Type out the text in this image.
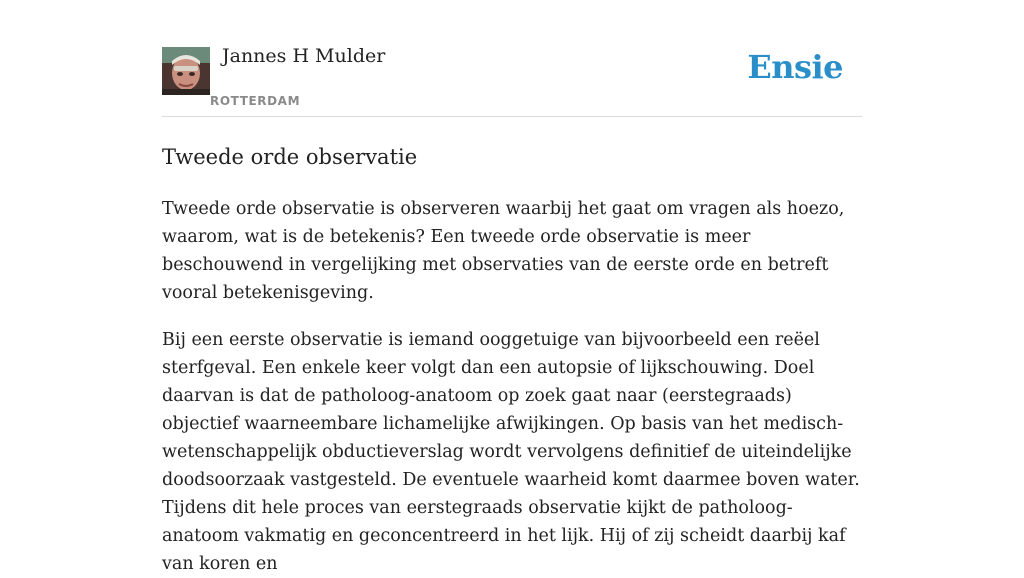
Jannes H Mulder
ROTTERDAM
Ensie
Tweede orde observatie

Tweede orde observatie is observeren waarbij het gaat om vragen als hoezo, waarom, wat is de betekenis? Een tweede orde observatie is meer beschouwend in vergelijking met observaties van de eerste orde en betreft vooral betekenisgeving.

Bij een eerste observatie is iemand ooggetuige van bijvoorbeeld een reëel sterfgeval. Een enkele keer volgt dan een autopsie of lijkschouwing. Doel daarvan is dat de patholoog-anatoom op zoek gaat naar (eerstegraads) objectief waarneembare lichamelijke afwijkingen. Op basis van het medisch-wetenschappelijk obductieverslag wordt vervolgens definitief de uiteindelijke doodsoorzaak vastgesteld. De eventuele waarheid komt daarmee boven water. Tijdens dit hele proces van eerstegraads observatie kijkt de patholoog-anatoom vakmatig en geconcentreerd in het lijk. Hij of zij scheidt daarbij kaf van koren en
